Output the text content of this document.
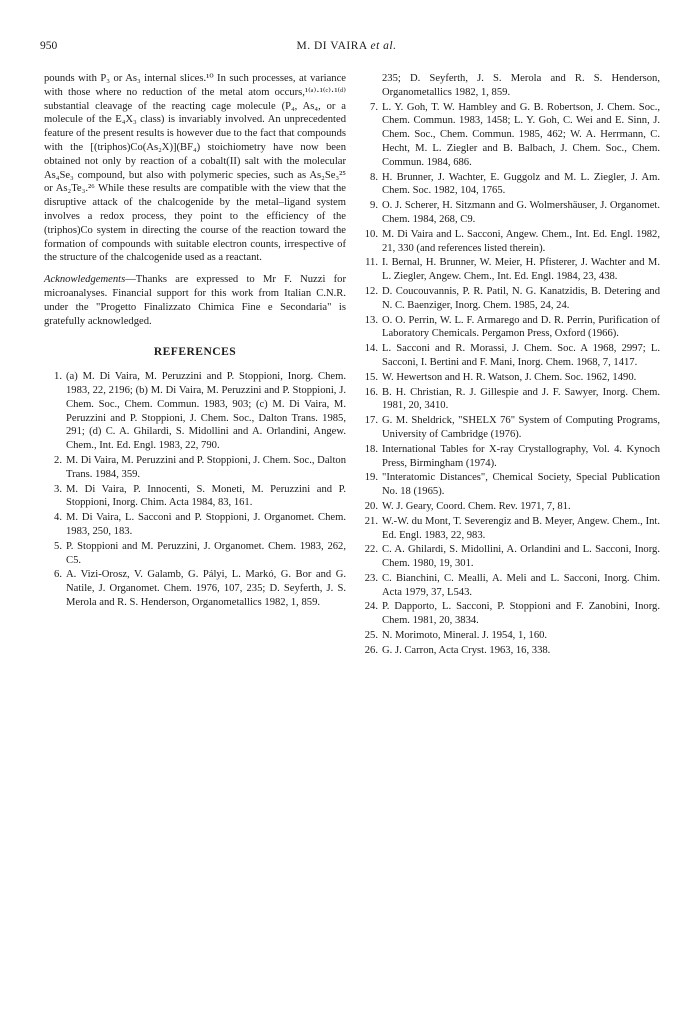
950	M. DI VAIRA et al.

pounds with P₃ or As₃ internal slices.¹⁰ In such processes, at variance with those where no reduction of the metal atom occurs,¹⁽ᵃ⁾·¹⁽ᶜ⁾·¹⁽ᵈ⁾ substantial cleavage of the reacting cage molecule (P₄, As₄, or a molecule of the E₄X₃ class) is invariably involved. An unprecedented feature of the present results is however due to the fact that compounds with the [(triphos)Co(As₂X)](BF₄) stoichiometry have now been obtained not only by reaction of a cobalt(II) salt with the molecular As₄Se₃ compound, but also with polymeric species, such as As₂Se₃²⁵ or As₂Te₃.²⁶ While these results are compatible with the view that the disruptive attack of the chalcogenide by the metal–ligand system involves a redox process, they point to the efficiency of the (triphos)Co system in directing the course of the reaction toward the formation of compounds with suitable electron counts, irrespective of the structure of the chalcogenide used as a reactant.

Acknowledgements—Thanks are expressed to Mr F. Nuzzi for microanalyses. Financial support for this work from Italian C.N.R. under the "Progetto Finalizzato Chimica Fine e Secondaria" is gratefully acknowledged.

REFERENCES
1. (a) M. Di Vaira, M. Peruzzini and P. Stoppioni, Inorg. Chem. 1983, 22, 2196; (b) M. Di Vaira, M. Peruzzini and P. Stoppioni, J. Chem. Soc., Chem. Commun. 1983, 903; (c) M. Di Vaira, M. Peruzzini and P. Stoppioni, J. Chem. Soc., Dalton Trans. 1985, 291; (d) C. A. Ghilardi, S. Midollini and A. Orlandini, Angew. Chem., Int. Ed. Engl. 1983, 22, 790.
2. M. Di Vaira, M. Peruzzini and P. Stoppioni, J. Chem. Soc., Dalton Trans. 1984, 359.
3. M. Di Vaira, P. Innocenti, S. Moneti, M. Peruzzini and P. Stoppioni, Inorg. Chim. Acta 1984, 83, 161.
4. M. Di Vaira, L. Sacconi and P. Stoppioni, J. Organomet. Chem. 1983, 250, 183.
5. P. Stoppioni and M. Peruzzini, J. Organomet. Chem. 1983, 262, C5.
6. A. Vizi-Orosz, V. Galamb, G. Pályi, L. Markó, G. Bor and G. Natile, J. Organomet. Chem. 1976, 107, 235; D. Seyferth, J. S. Merola and R. S. Henderson, Organometallics 1982, 1, 859.
235; D. Seyferth, J. S. Merola and R. S. Henderson, Organometallics 1982, 1, 859.
7. L. Y. Goh, T. W. Hambley and G. B. Robertson, J. Chem. Soc., Chem. Commun. 1983, 1458; L. Y. Goh, C. Wei and E. Sinn, J. Chem. Soc., Chem. Commun. 1985, 462; W. A. Herrmann, C. Hecht, M. L. Ziegler and B. Balbach, J. Chem. Soc., Chem. Commun. 1984, 686.
8. H. Brunner, J. Wachter, E. Guggolz and M. L. Ziegler, J. Am. Chem. Soc. 1982, 104, 1765.
9. O. J. Scherer, H. Sitzmann and G. Wolmershäuser, J. Organomet. Chem. 1984, 268, C9.
10. M. Di Vaira and L. Sacconi, Angew. Chem., Int. Ed. Engl. 1982, 21, 330 (and references listed therein).
11. I. Bernal, H. Brunner, W. Meier, H. Pfisterer, J. Wachter and M. L. Ziegler, Angew. Chem., Int. Ed. Engl. 1984, 23, 438.
12. D. Coucouvannis, P. R. Patil, N. G. Kanatzidis, B. Detering and N. C. Baenziger, Inorg. Chem. 1985, 24, 24.
13. O. O. Perrin, W. L. F. Armarego and D. R. Perrin, Purification of Laboratory Chemicals. Pergamon Press, Oxford (1966).
14. L. Sacconi and R. Morassi, J. Chem. Soc. A 1968, 2997; L. Sacconi, I. Bertini and F. Mani, Inorg. Chem. 1968, 7, 1417.
15. W. Hewertson and H. R. Watson, J. Chem. Soc. 1962, 1490.
16. B. H. Christian, R. J. Gillespie and J. F. Sawyer, Inorg. Chem. 1981, 20, 3410.
17. G. M. Sheldrick, "SHELX 76" System of Computing Programs, University of Cambridge (1976).
18. International Tables for X-ray Crystallography, Vol. 4. Kynoch Press, Birmingham (1974).
19. "Interatomic Distances", Chemical Society, Special Publication No. 18 (1965).
20. W. J. Geary, Coord. Chem. Rev. 1971, 7, 81.
21. W.-W. du Mont, T. Severengiz and B. Meyer, Angew. Chem., Int. Ed. Engl. 1983, 22, 983.
22. C. A. Ghilardi, S. Midollini, A. Orlandini and L. Sacconi, Inorg. Chem. 1980, 19, 301.
23. C. Bianchini, C. Mealli, A. Meli and L. Sacconi, Inorg. Chim. Acta 1979, 37, L543.
24. P. Dapporto, L. Sacconi, P. Stoppioni and F. Zanobini, Inorg. Chem. 1981, 20, 3834.
25. N. Morimoto, Mineral. J. 1954, 1, 160.
26. G. J. Carron, Acta Cryst. 1963, 16, 338.
